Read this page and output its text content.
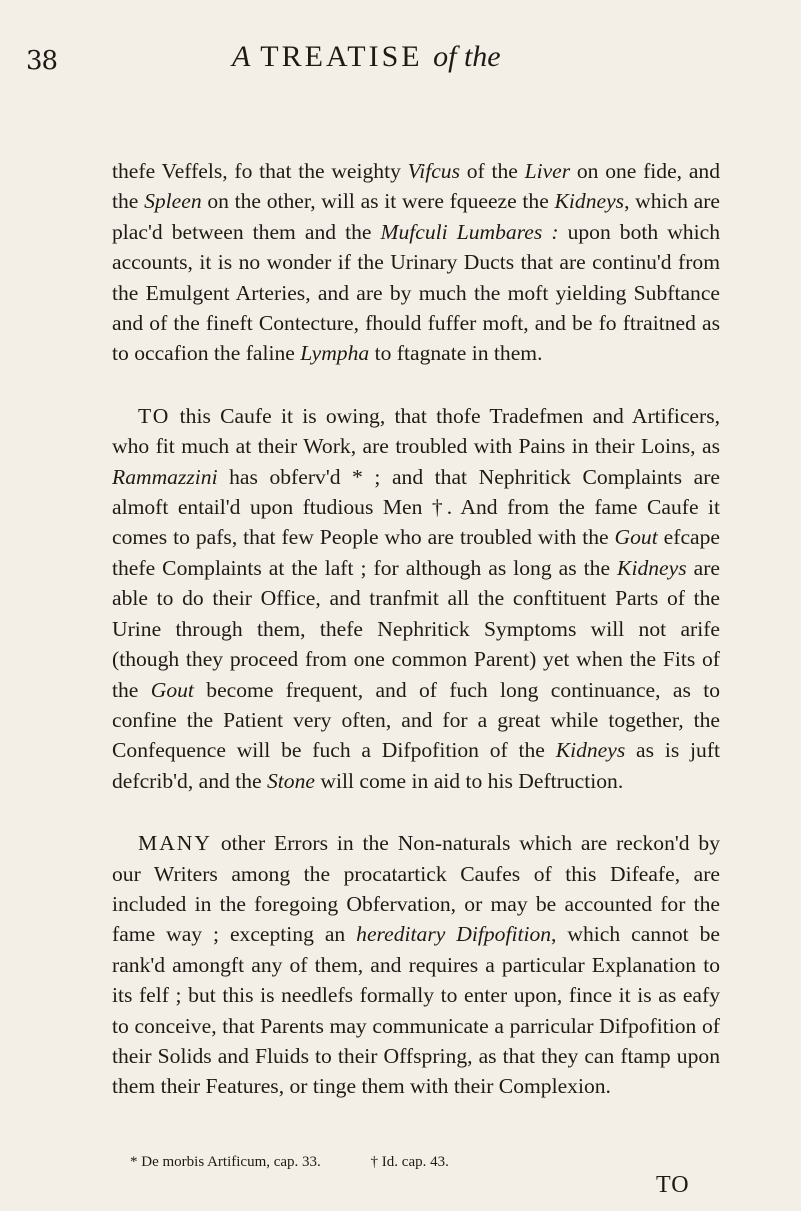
38	A TREATISE of the

thefe Veffels, fo that the weighty Vifcus of the Liver on one fide, and the Spleen on the other, will as it were fqueeze the Kidneys, which are plac'd between them and the Mufculi Lumbares : upon both which accounts, it is no wonder if the Urinary Ducts that are continu'd from the Emulgent Arteries, and are by much the moft yielding Subftance and of the fineft Contecture, fhould fuffer moft, and be fo ftraitned as to occafion the faline Lympha to ftagnate in them.

TO this Caufe it is owing, that thofe Tradefmen and Artificers, who fit much at their Work, are troubled with Pains in their Loins, as Rammazzini has obferv'd * ; and that Nephritick Complaints are almoft entail'd upon ftudious Men †. And from the fame Caufe it comes to pafs, that few People who are troubled with the Gout efcape thefe Complaints at the laft ; for although as long as the Kidneys are able to do their Office, and tranfmit all the conftituent Parts of the Urine through them, thefe Nephritick Symptoms will not arife (though they proceed from one common Parent) yet when the Fits of the Gout become frequent, and of fuch long continuance, as to confine the Patient very often, and for a great while together, the Confequence will be fuch a Difpofition of the Kidneys as is juft defcrib'd, and the Stone will come in aid to his Deftruction.

MANY other Errors in the Non-naturals which are reckon'd by our Writers among the procatartick Caufes of this Difeafe, are included in the foregoing Obfervation, or may be accounted for the fame way ; excepting an hereditary Difpofition, which cannot be rank'd amongft any of them, and requires a particular Explanation to its felf ; but this is needlefs formally to enter upon, fince it is as eafy to conceive, that Parents may communicate a parricular Difpofition of their Solids and Fluids to their Offspring, as that they can ftamp upon them their Features, or tinge them with their Complexion.

* De morbis Artificum, cap. 33.	† Id. cap. 43.
TO
